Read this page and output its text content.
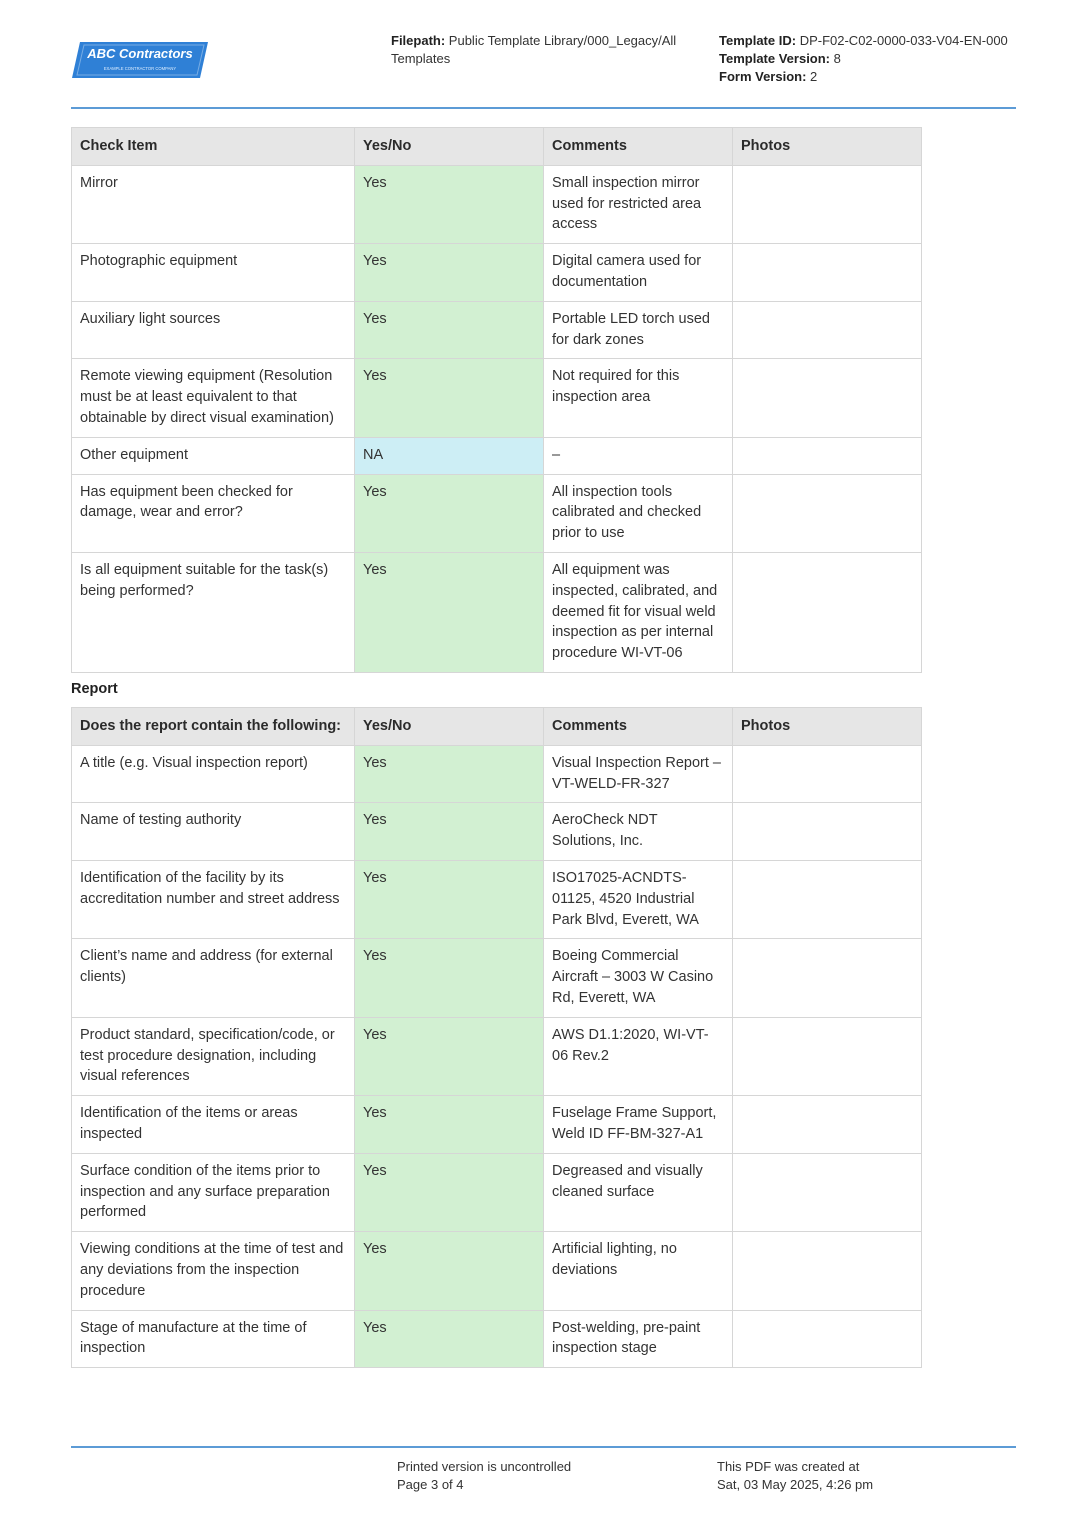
ABC Contractors
EXAMPLE CONTRACTOR COMPANY
Filepath: Public Template Library/000_Legacy/All Templates
Template ID: DP-F02-C02-0000-033-V04-EN-000
Template Version: 8
Form Version: 2
Check Item	Yes/No	Comments	Photos
Mirror	Yes	Small inspection mirror used for restricted area access	
Photographic equipment	Yes	Digital camera used for documentation	
Auxiliary light sources	Yes	Portable LED torch used for dark zones	
Remote viewing equipment (Resolution must be at least equivalent to that obtainable by direct visual examination)	Yes	Not required for this inspection area	
Other equipment	NA	–	
Has equipment been checked for damage, wear and error?	Yes	All inspection tools calibrated and checked prior to use	
Is all equipment suitable for the task(s) being performed?	Yes	All equipment was inspected, calibrated, and deemed fit for visual weld inspection as per internal procedure WI-VT-06	
Report
Does the report contain the following:	Yes/No	Comments	Photos
A title (e.g. Visual inspection report)	Yes	Visual Inspection Report – VT-WELD-FR-327	
Name of testing authority	Yes	AeroCheck NDT Solutions, Inc.	
Identification of the facility by its accreditation number and street address	Yes	ISO17025-ACNDTS-01125, 4520 Industrial Park Blvd, Everett, WA	
Client’s name and address (for external clients)	Yes	Boeing Commercial Aircraft – 3003 W Casino Rd, Everett, WA	
Product standard, specification/code, or test procedure designation, including visual references	Yes	AWS D1.1:2020, WI-VT-06 Rev.2	
Identification of the items or areas inspected	Yes	Fuselage Frame Support, Weld ID FF-BM-327-A1	
Surface condition of the items prior to inspection and any surface preparation performed	Yes	Degreased and visually cleaned surface	
Viewing conditions at the time of test and any deviations from the inspection procedure	Yes	Artificial lighting, no deviations	
Stage of manufacture at the time of inspection	Yes	Post-welding, pre-paint inspection stage	
Printed version is uncontrolled
Page 3 of 4
This PDF was created at
Sat, 03 May 2025, 4:26 pm
